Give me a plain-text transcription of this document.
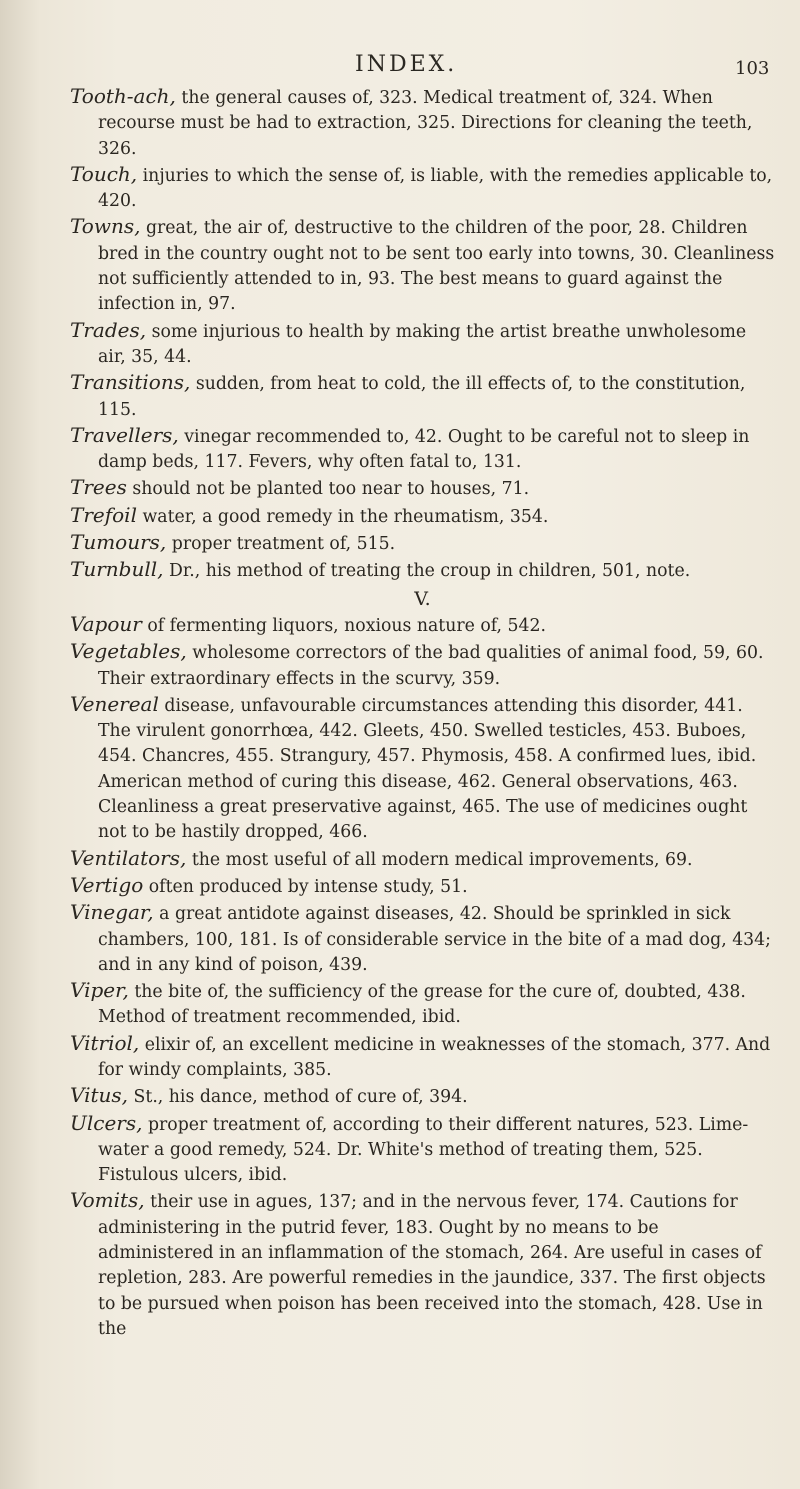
INDEX.	103

Tooth-ach, the general causes of, 323. Medical treatment of, 324. When recourse must be had to extraction, 325. Directions for cleaning the teeth, 326.

Touch, injuries to which the sense of, is liable, with the remedies applicable to, 420.

Towns, great, the air of, destructive to the children of the poor, 28. Children bred in the country ought not to be sent too early into towns, 30. Cleanliness not sufficiently attended to in, 93. The best means to guard against the infection in, 97.

Trades, some injurious to health by making the artist breathe unwholesome air, 35, 44.

Transitions, sudden, from heat to cold, the ill effects of, to the constitution, 115.

Travellers, vinegar recommended to, 42. Ought to be careful not to sleep in damp beds, 117. Fevers, why often fatal to, 131.

Trees should not be planted too near to houses, 71.

Trefoil water, a good remedy in the rheumatism, 354.

Tumours, proper treatment of, 515.

Turnbull, Dr., his method of treating the croup in children, 501, note.

V.

Vapour of fermenting liquors, noxious nature of, 542.

Vegetables, wholesome correctors of the bad qualities of animal food, 59, 60. Their extraordinary effects in the scurvy, 359.

Venereal disease, unfavourable circumstances attending this disorder, 441. The virulent gonorrhœa, 442. Gleets, 450. Swelled testicles, 453. Buboes, 454. Chancres, 455. Strangury, 457. Phymosis, 458. A confirmed lues, ibid. American method of curing this disease, 462. General observations, 463. Cleanliness a great preservative against, 465. The use of medicines ought not to be hastily dropped, 466.

Ventilators, the most useful of all modern medical improvements, 69.

Vertigo often produced by intense study, 51.

Vinegar, a great antidote against diseases, 42. Should be sprinkled in sick chambers, 100, 181. Is of considerable service in the bite of a mad dog, 434; and in any kind of poison, 439.

Viper, the bite of, the sufficiency of the grease for the cure of, doubted, 438. Method of treatment recommended, ibid.

Vitriol, elixir of, an excellent medicine in weaknesses of the stomach, 377. And for windy complaints, 385.

Vitus, St., his dance, method of cure of, 394.

Ulcers, proper treatment of, according to their different natures, 523. Lime-water a good remedy, 524. Dr. White's method of treating them, 525. Fistulous ulcers, ibid.

Vomits, their use in agues, 137; and in the nervous fever, 174. Cautions for administering in the putrid fever, 183. Ought by no means to be administered in an inflammation of the stomach, 264. Are useful in cases of repletion, 283. Are powerful remedies in the jaundice, 337. The first objects to be pursued when poison has been received into the stomach, 428. Use in the
